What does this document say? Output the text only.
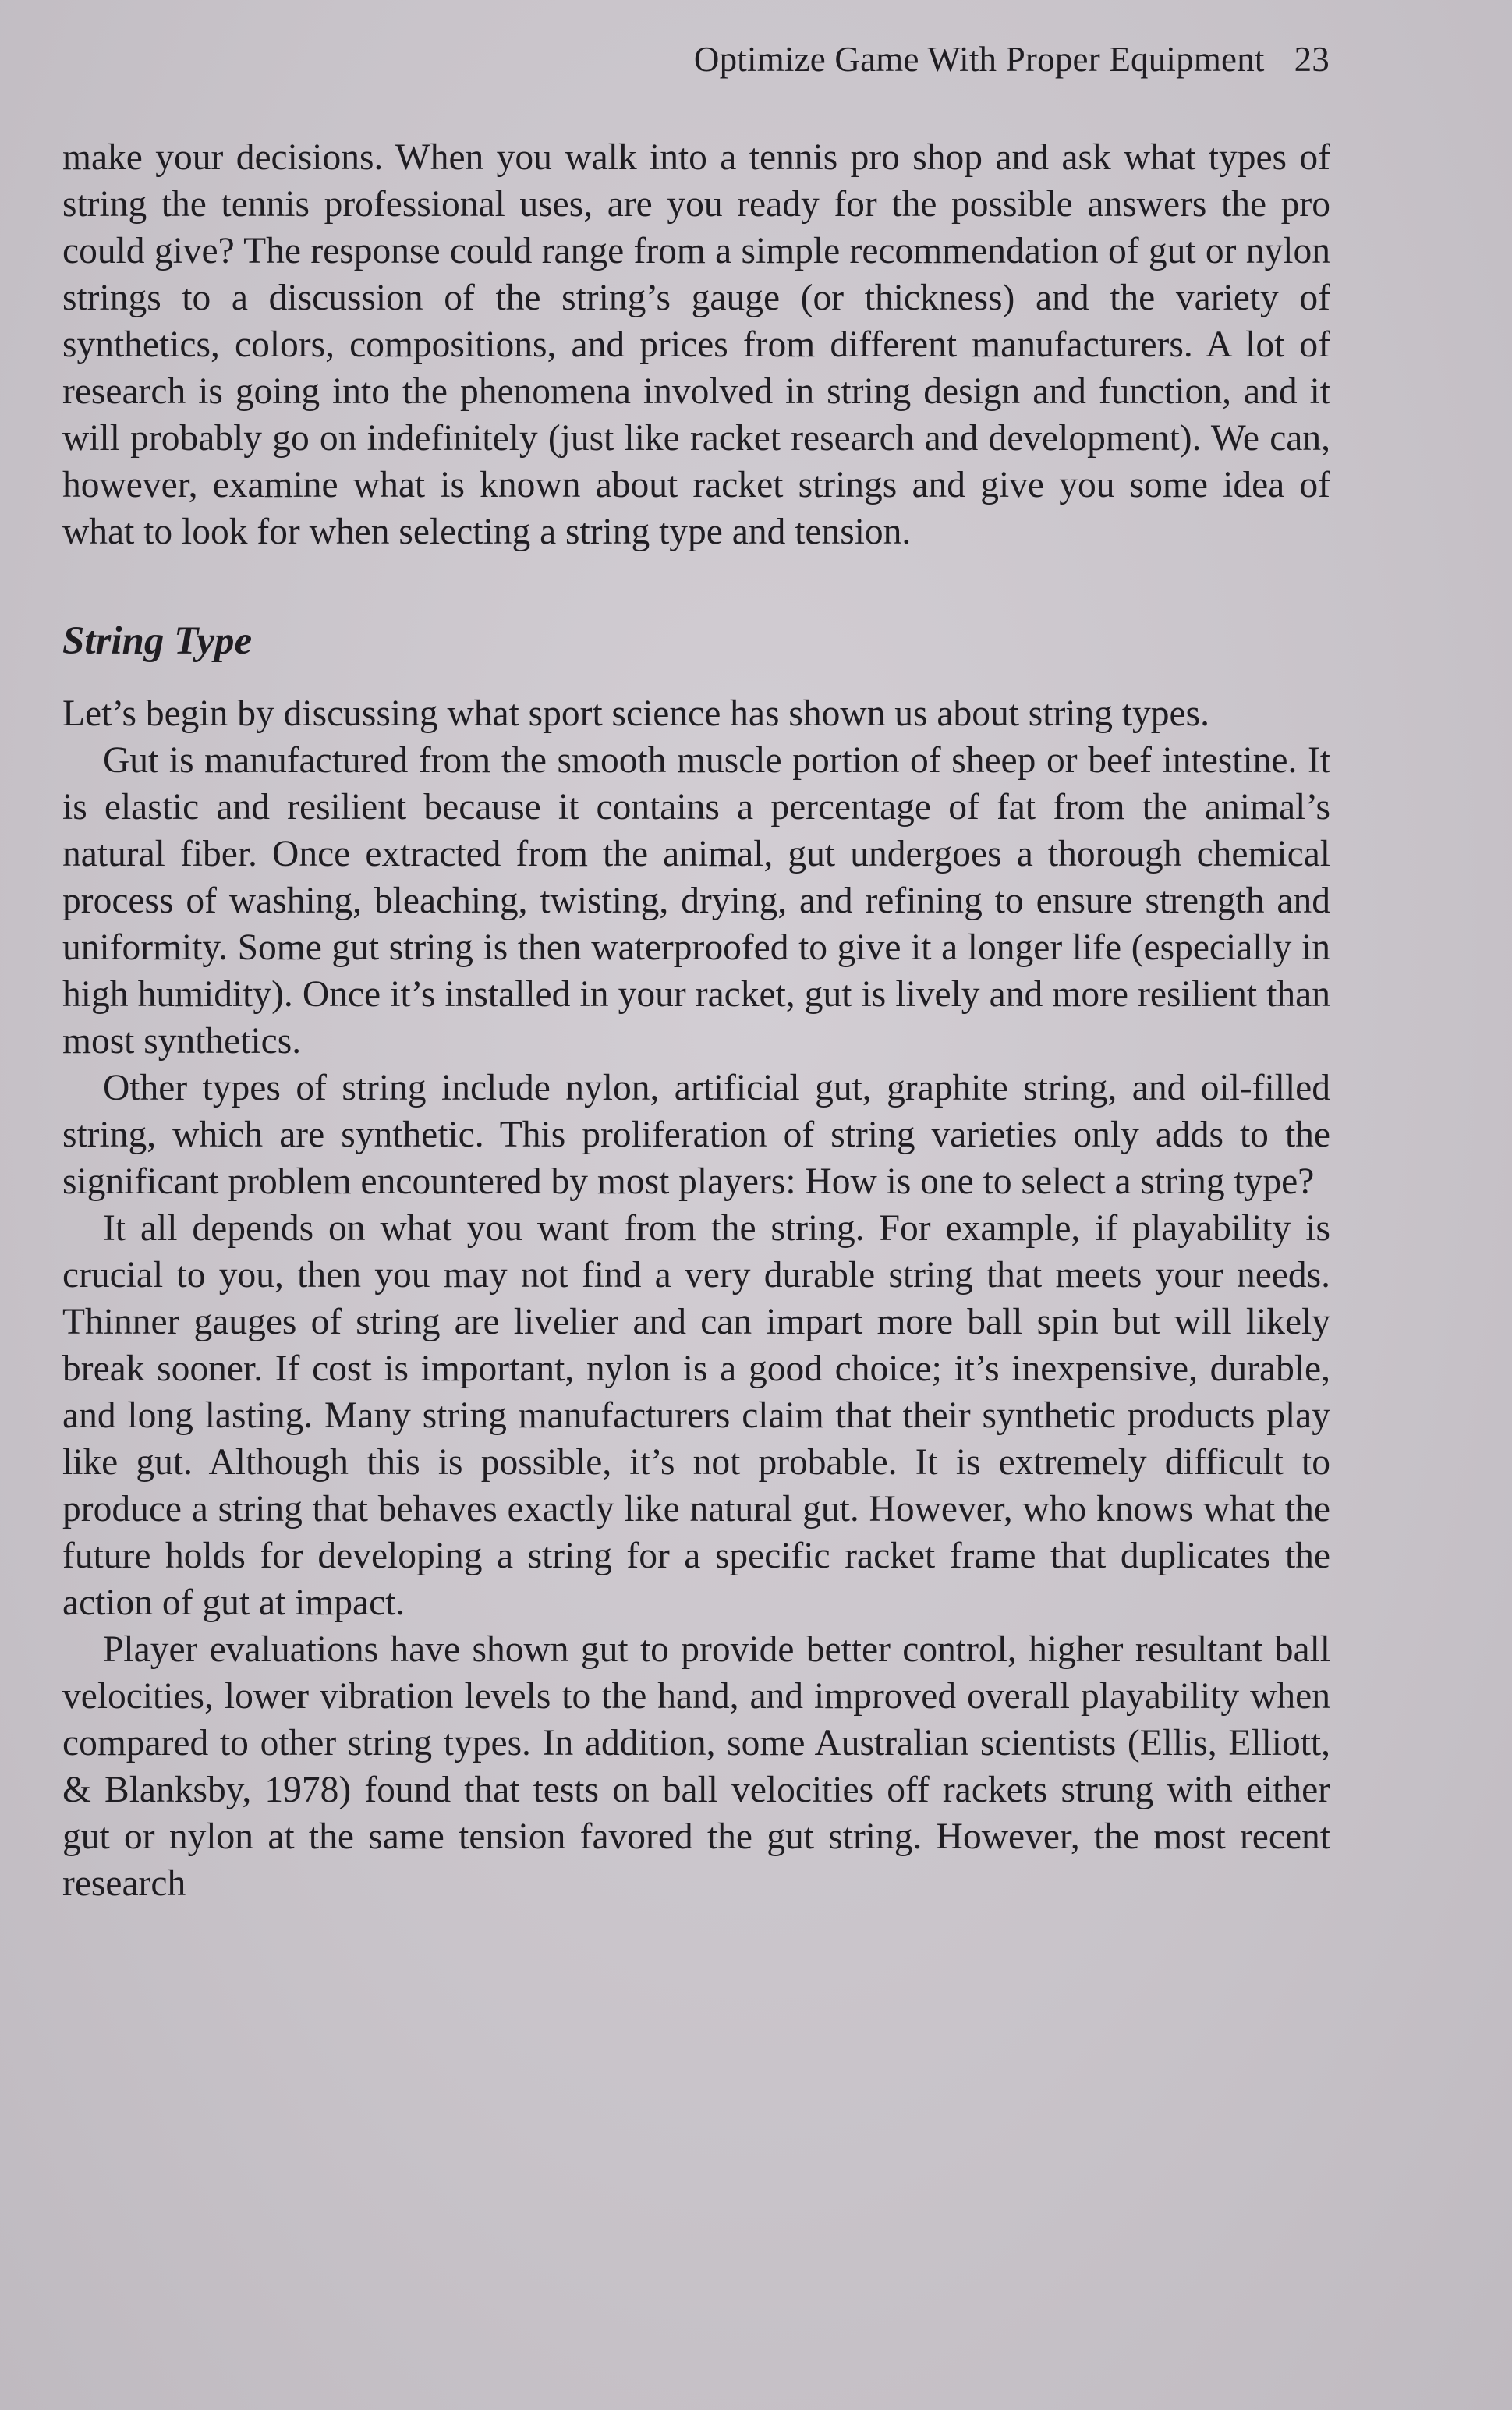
Optimize Game With Proper Equipment 23

make your decisions. When you walk into a tennis pro shop and ask what types of string the tennis professional uses, are you ready for the possible answers the pro could give? The response could range from a simple recommendation of gut or nylon strings to a discussion of the string’s gauge (or thickness) and the variety of synthetics, colors, compositions, and prices from different manufacturers. A lot of research is going into the phenomena involved in string design and function, and it will probably go on indefinitely (just like racket research and development). We can, however, examine what is known about racket strings and give you some idea of what to look for when selecting a string type and tension.

String Type

Let’s begin by discussing what sport science has shown us about string types.

Gut is manufactured from the smooth muscle portion of sheep or beef intestine. It is elastic and resilient because it contains a percentage of fat from the animal’s natural fiber. Once extracted from the animal, gut undergoes a thorough chemical process of washing, bleaching, twisting, drying, and refining to ensure strength and uniformity. Some gut string is then waterproofed to give it a longer life (especially in high humidity). Once it’s installed in your racket, gut is lively and more resilient than most synthetics.

Other types of string include nylon, artificial gut, graphite string, and oil-filled string, which are synthetic. This proliferation of string varieties only adds to the significant problem encountered by most players: How is one to select a string type?

It all depends on what you want from the string. For example, if playability is crucial to you, then you may not find a very durable string that meets your needs. Thinner gauges of string are livelier and can impart more ball spin but will likely break sooner. If cost is important, nylon is a good choice; it’s inexpensive, durable, and long lasting. Many string manufacturers claim that their synthetic products play like gut. Although this is possible, it’s not probable. It is extremely difficult to produce a string that behaves exactly like natural gut. However, who knows what the future holds for developing a string for a specific racket frame that duplicates the action of gut at impact.

Player evaluations have shown gut to provide better control, higher resultant ball velocities, lower vibration levels to the hand, and improved overall playability when compared to other string types. In addition, some Australian scientists (Ellis, Elliott, & Blanksby, 1978) found that tests on ball velocities off rackets strung with either gut or nylon at the same tension favored the gut string. However, the most recent research
